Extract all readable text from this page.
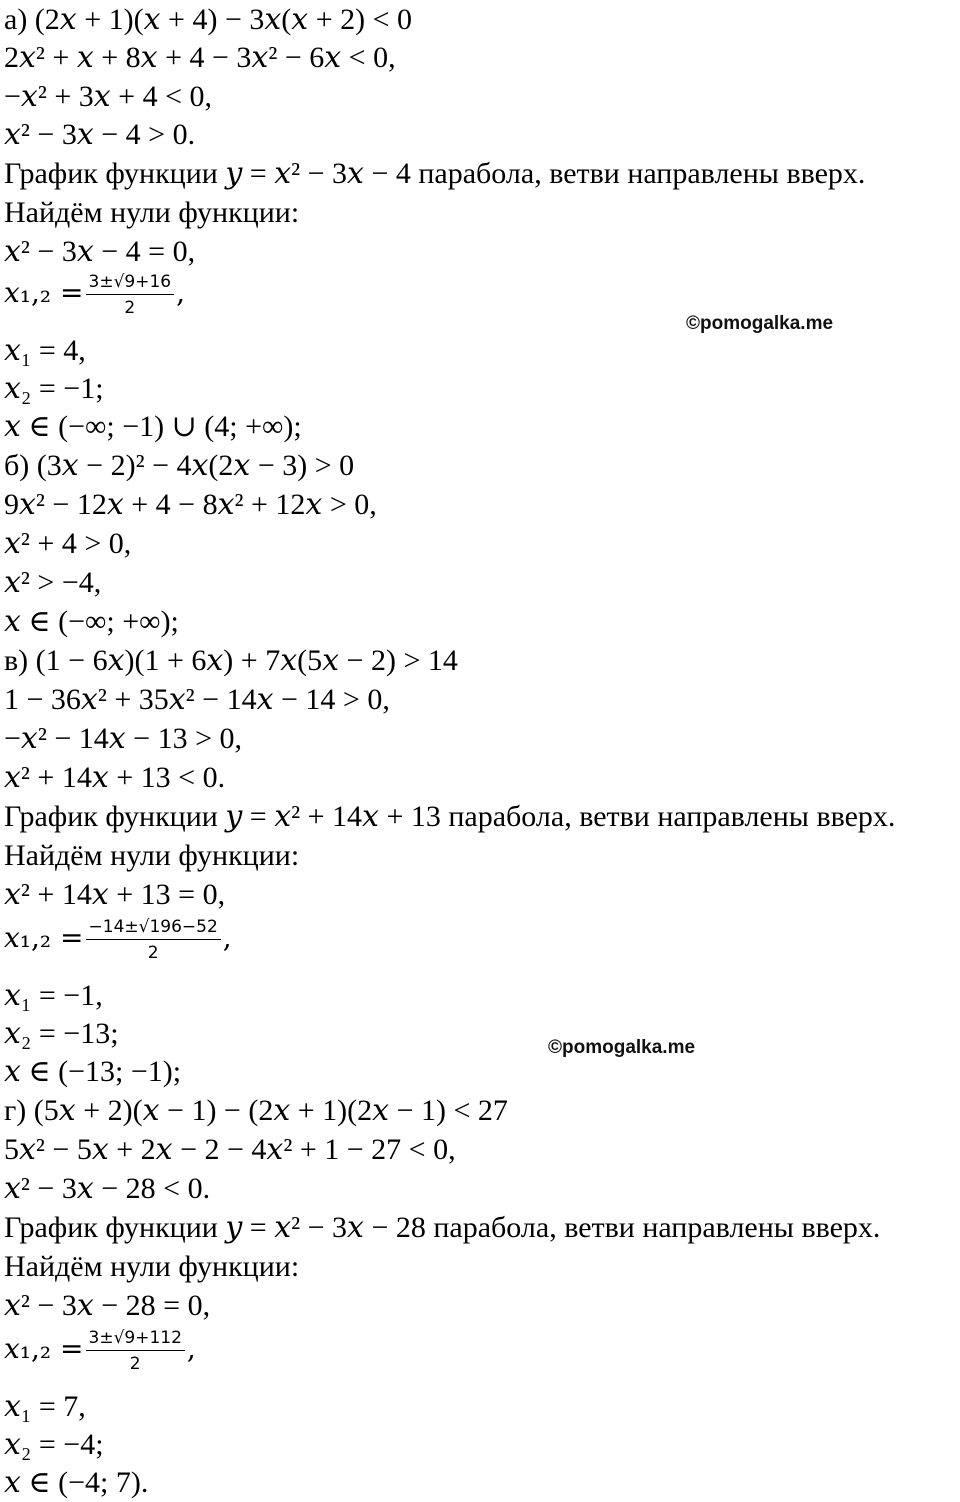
а) (2𝑥 + 1)(𝑥 + 4) − 3𝑥(𝑥 + 2) < 0
2𝑥² + 𝑥 + 8𝑥 + 4 − 3𝑥² − 6𝑥 < 0,
−𝑥² + 3𝑥 + 4 < 0,
𝑥² − 3𝑥 − 4 > 0.
График функции 𝑦 = 𝑥² − 3𝑥 − 4 парабола, ветви направлены вверх.
Найдём нули функции:
𝑥² − 3𝑥 − 4 = 0,
𝑥₁ = 4,
𝑥₂ = −1;
𝑥 ∈ (−∞; −1) ∪ (4; +∞);
б) (3𝑥 − 2)² − 4𝑥(2𝑥 − 3) > 0
9𝑥² − 12𝑥 + 4 − 8𝑥² + 12𝑥 > 0,
𝑥² + 4 > 0,
𝑥² > −4,
𝑥 ∈ (−∞; +∞);
в) (1 − 6𝑥)(1 + 6𝑥) + 7𝑥(5𝑥 − 2) > 14
1 − 36𝑥² + 35𝑥² − 14𝑥 − 14 > 0,
−𝑥² − 14𝑥 − 13 > 0,
𝑥² + 14𝑥 + 13 < 0.
График функции 𝑦 = 𝑥² + 14𝑥 + 13 парабола, ветви направлены вверх.
Найдём нули функции:
𝑥² + 14𝑥 + 13 = 0,
𝑥₁ = −1,
𝑥₂ = −13;
𝑥 ∈ (−13; −1);
г) (5𝑥 + 2)(𝑥 − 1) − (2𝑥 + 1)(2𝑥 − 1) < 27
5𝑥² − 5𝑥 + 2𝑥 − 2 − 4𝑥² + 1 − 27 < 0,
𝑥² − 3𝑥 − 28 < 0.
График функции 𝑦 = 𝑥² − 3𝑥 − 28 парабола, ветви направлены вверх.
Найдём нули функции:
𝑥² − 3𝑥 − 28 = 0,
𝑥₁ = 7,
𝑥₂ = −4;
𝑥 ∈ (−4; 7).
𝑥₁,₂ = $\frac{3\pm√9+16}{2}$ ,
𝑥₁,₂ = $\frac{-14\pm√196-52}{2}$ ,
𝑥₁,₂ = $\frac{3\pm√9+112}{2}$ ,
©pomogalka.me
©pomogalka.me
